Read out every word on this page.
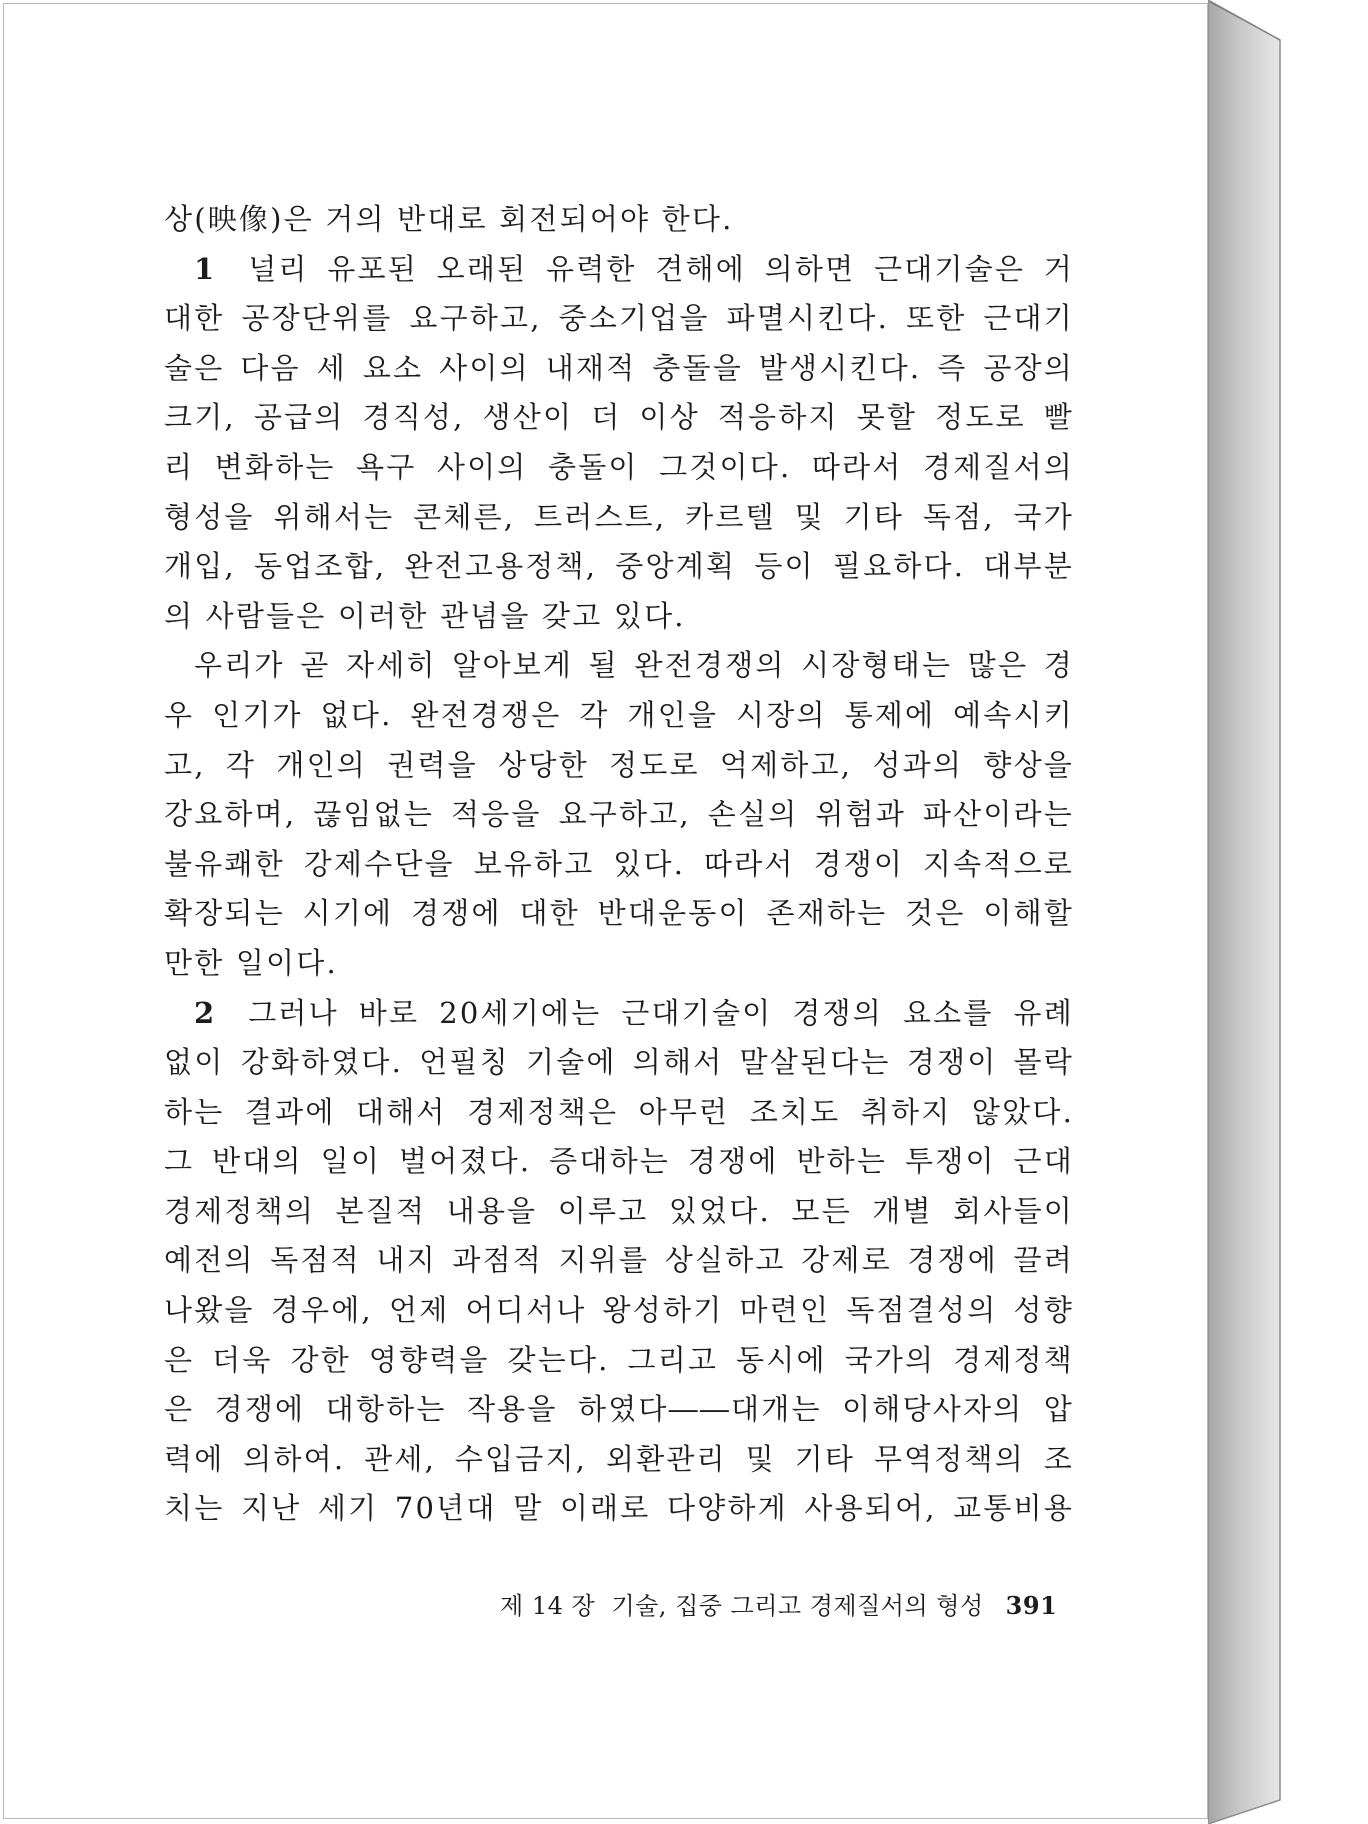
상(映像)은 거의 반대로 회전되어야 한다.
1 널리 유포된 오래된 유력한 견해에 의하면 근대기술은 거
대한 공장단위를 요구하고, 중소기업을 파멸시킨다. 또한 근대기
술은 다음 세 요소 사이의 내재적 충돌을 발생시킨다. 즉 공장의
크기, 공급의 경직성, 생산이 더 이상 적응하지 못할 정도로 빨
리 변화하는 욕구 사이의 충돌이 그것이다. 따라서 경제질서의
형성을 위해서는 콘체른, 트러스트, 카르텔 및 기타 독점, 국가
개입, 동업조합, 완전고용정책, 중앙계획 등이 필요하다. 대부분
의 사람들은 이러한 관념을 갖고 있다.
우리가 곧 자세히 알아보게 될 완전경쟁의 시장형태는 많은 경
우 인기가 없다. 완전경쟁은 각 개인을 시장의 통제에 예속시키
고, 각 개인의 권력을 상당한 정도로 억제하고, 성과의 향상을
강요하며, 끊임없는 적응을 요구하고, 손실의 위험과 파산이라는
불유쾌한 강제수단을 보유하고 있다. 따라서 경쟁이 지속적으로
확장되는 시기에 경쟁에 대한 반대운동이 존재하는 것은 이해할
만한 일이다.
2 그러나 바로 20세기에는 근대기술이 경쟁의 요소를 유례
없이 강화하였다. 언필칭 기술에 의해서 말살된다는 경쟁이 몰락
하는 결과에 대해서 경제정책은 아무런 조치도 취하지 않았다.
그 반대의 일이 벌어졌다. 증대하는 경쟁에 반하는 투쟁이 근대
경제정책의 본질적 내용을 이루고 있었다. 모든 개별 회사들이
예전의 독점적 내지 과점적 지위를 상실하고 강제로 경쟁에 끌려
나왔을 경우에, 언제 어디서나 왕성하기 마련인 독점결성의 성향
은 더욱 강한 영향력을 갖는다. 그리고 동시에 국가의 경제정책
은 경쟁에 대항하는 작용을 하였다――대개는 이해당사자의 압
력에 의하여. 관세, 수입금지, 외환관리 및 기타 무역정책의 조
치는 지난 세기 70년대 말 이래로 다양하게 사용되어, 교통비용
제 14 장 기술, 집중 그리고 경제질서의 형성 391
